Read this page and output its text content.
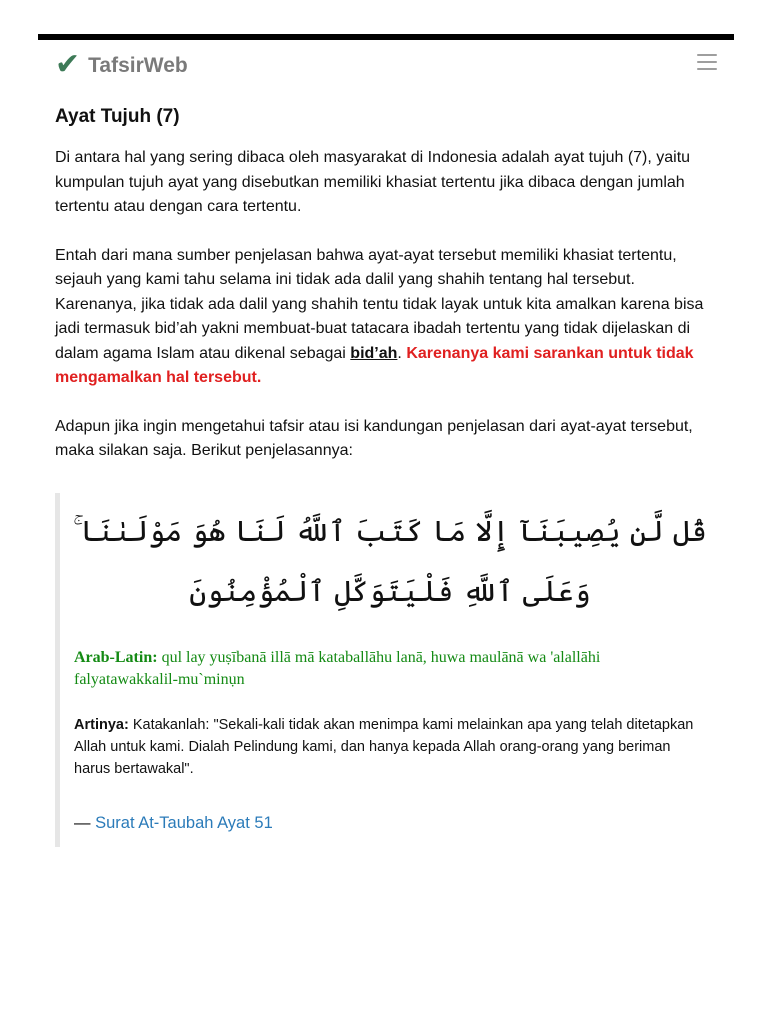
✔ TafsirWeb
Ayat Tujuh (7)

Di antara hal yang sering dibaca oleh masyarakat di Indonesia adalah ayat tujuh (7), yaitu kumpulan tujuh ayat yang disebutkan memiliki khasiat tertentu jika dibaca dengan jumlah tertentu atau dengan cara tertentu.

Entah dari mana sumber penjelasan bahwa ayat-ayat tersebut memiliki khasiat tertentu, sejauh yang kami tahu selama ini tidak ada dalil yang shahih tentang hal tersebut. Karenanya, jika tidak ada dalil yang shahih tentu tidak layak untuk kita amalkan karena bisa jadi termasuk bid’ah yakni membuat-buat tatacara ibadah tertentu yang tidak dijelaskan di dalam agama Islam atau dikenal sebagai bid’ah. Karenanya kami sarankan untuk tidak mengamalkan hal tersebut.

Adapun jika ingin mengetahui tafsir atau isi kandungan penjelasan dari ayat-ayat tersebut, maka silakan saja. Berikut penjelasannya:

قُل لَّن يُصِيبَنَآ إِلَّا مَا كَتَبَ ٱللَّهُ لَنَا هُوَ مَوْلَىٰنَا ۚ وَعَلَى ٱللَّهِ فَلْيَتَوَكَّلِ ٱلْمُؤْمِنُونَ
Arab-Latin: qul lay yuṣībanā illā mā kataballāhu lanā, huwa maulānā wa 'alallāhi falyatawakkalil-mu`minụn
Artinya: Katakanlah: "Sekali-kali tidak akan menimpa kami melainkan apa yang telah ditetapkan Allah untuk kami. Dialah Pelindung kami, dan hanya kepada Allah orang-orang yang beriman harus bertawakal".
— Surat At-Taubah Ayat 51
